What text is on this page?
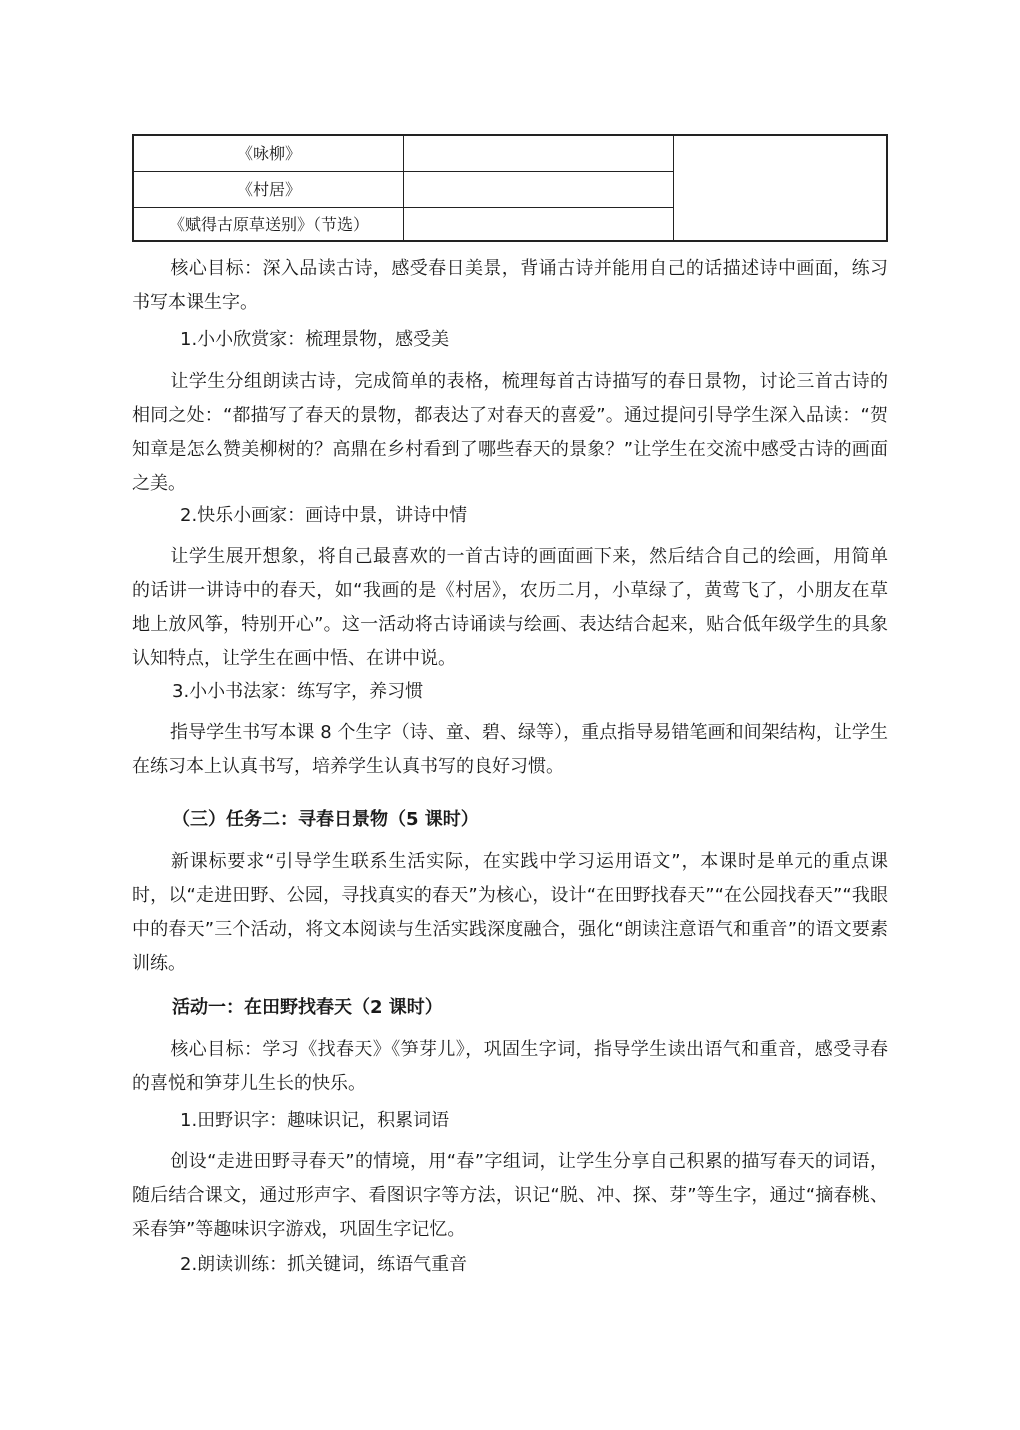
《咏柳》
《村居》
《赋得古原草送别》（节选）

核心目标：深入品读古诗，感受春日美景，背诵古诗并能用自己的话描述诗中画面，练习书写本课生字。

1.小小欣赏家：梳理景物，感受美

让学生分组朗读古诗，完成简单的表格，梳理每首古诗描写的春日景物，讨论三首古诗的相同之处：“都描写了春天的景物，都表达了对春天的喜爱”。通过提问引导学生深入品读：“贺知章是怎么赞美柳树的？高鼎在乡村看到了哪些春天的景象？”让学生在交流中感受古诗的画面之美。

2.快乐小画家：画诗中景，讲诗中情

让学生展开想象，将自己最喜欢的一首古诗的画面画下来，然后结合自己的绘画，用简单的话讲一讲诗中的春天，如“我画的是《村居》，农历二月，小草绿了，黄莺飞了，小朋友在草地上放风筝，特别开心”。这一活动将古诗诵读与绘画、表达结合起来，贴合低年级学生的具象认知特点，让学生在画中悟、在讲中说。

3.小小书法家：练写字，养习惯

指导学生书写本课 8 个生字（诗、童、碧、绿等），重点指导易错笔画和间架结构，让学生在练习本上认真书写，培养学生认真书写的良好习惯。

（三）任务二：寻春日景物（5 课时）

新课标要求“引导学生联系生活实际，在实践中学习运用语文”，本课时是单元的重点课时，以“走进田野、公园，寻找真实的春天”为核心，设计“在田野找春天”“在公园找春天”“我眼中的春天”三个活动，将文本阅读与生活实践深度融合，强化“朗读注意语气和重音”的语文要素训练。

活动一：在田野找春天（2 课时）

核心目标：学习《找春天》《笋芽儿》，巩固生字词，指导学生读出语气和重音，感受寻春的喜悦和笋芽儿生长的快乐。

1.田野识字：趣味识记，积累词语

创设“走进田野寻春天”的情境，用“春”字组词，让学生分享自己积累的描写春天的词语，随后结合课文，通过形声字、看图识字等方法，识记“脱、冲、探、芽”等生字，通过“摘春桃、采春笋”等趣味识字游戏，巩固生字记忆。

2.朗读训练：抓关键词，练语气重音
